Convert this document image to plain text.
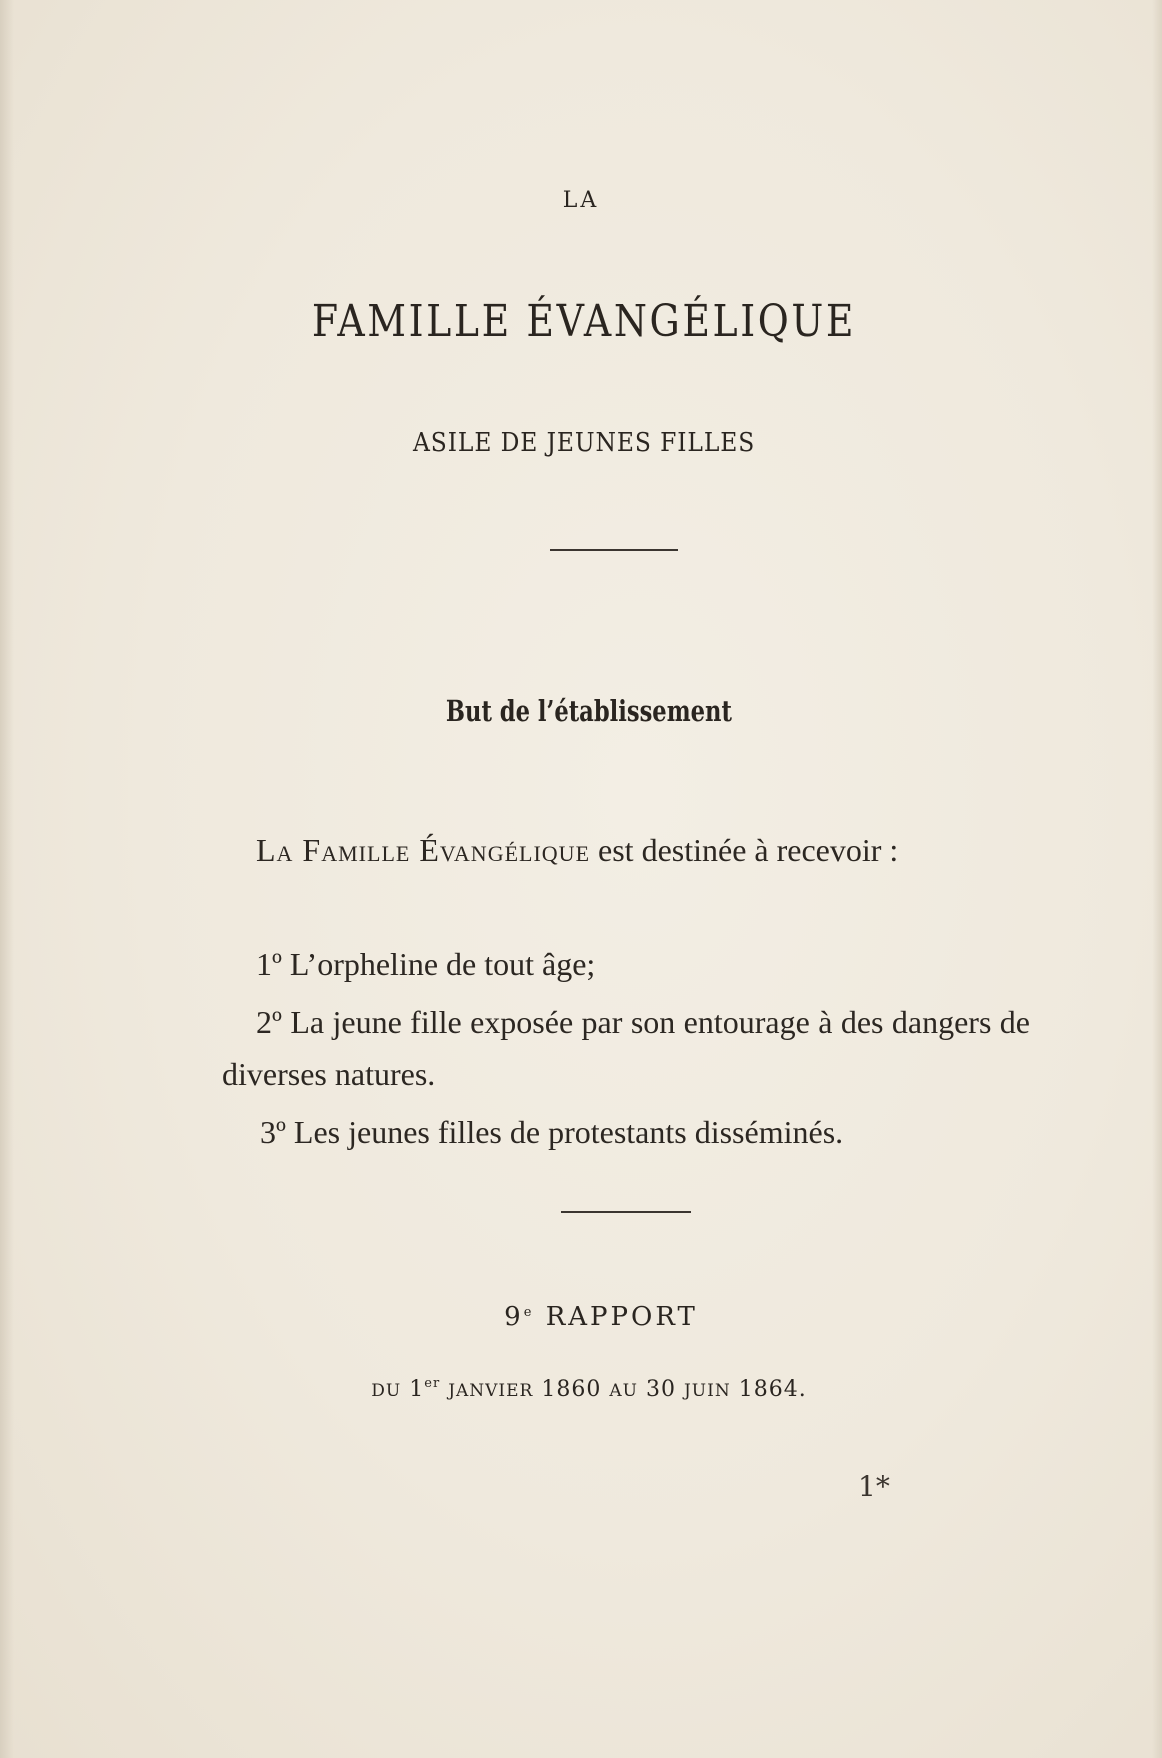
LA
FAMILLE ÉVANGÉLIQUE
ASILE DE JEUNES FILLES
But de l’établissement
La Famille Évangélique est destinée à recevoir :
1º L’orpheline de tout âge;
2º La jeune fille exposée par son entourage à des dangers de diverses natures.
3º Les jeunes filles de protestants disséminés.
9e RAPPORT
DU 1er JANVIER 1860 AU 30 JUIN 1864.
1*
